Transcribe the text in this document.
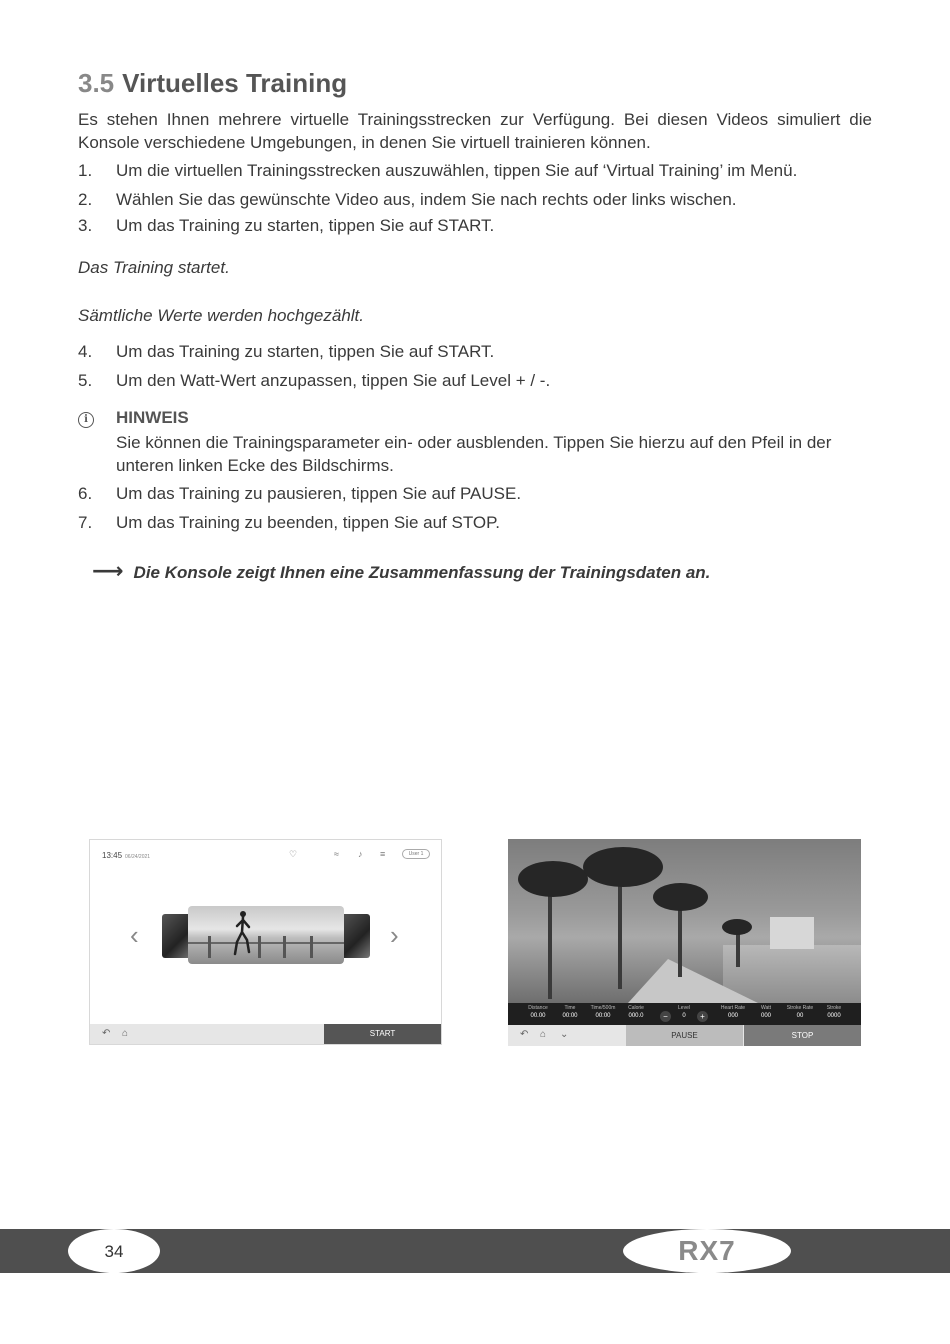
3.5 Virtuelles Training

Es stehen Ihnen mehrere virtuelle Trainingsstrecken zur Verfügung. Bei diesen Videos simuliert die Konsole verschiedene Umgebungen, in denen Sie virtuell trainieren können.

1. Um die virtuellen Trainingsstrecken auszuwählen, tippen Sie auf ‘Virtual Training’ im Menü.
2. Wählen Sie das gewünschte Video aus, indem Sie nach rechts oder links wischen.
3. Um das Training zu starten, tippen Sie auf START.

Das Training startet.

Sämtliche Werte werden hochgezählt.

4. Um das Training zu starten, tippen Sie auf START.
5. Um den Watt-Wert anzupassen, tippen Sie auf Level + / -.
i	HINWEIS
Sie können die Trainingsparameter ein- oder ausblenden. Tippen Sie hierzu auf den Pfeil in der unteren linken Ecke des Bildschirms.
6. Um das Training zu pausieren, tippen Sie auf PAUSE.
7. Um das Training zu beenden, tippen Sie auf STOP.
⟶ Die Konsole zeigt Ihnen eine Zusammenfassung der Trainingsdaten an.
13:45 06/24/2021	♡	≈ ♪ ≡	User 1
‹	›
↶ ⌂	START
Distance
00.00
Time
00:00
Time/500m
00:00
Calorie
000.0	−
Level
0	+
Heart Rate
000
Watt
000
Stroke Rate
00
Stroke
0000
↶ ⌂ ⌄	PAUSE	STOP
34	RX7
